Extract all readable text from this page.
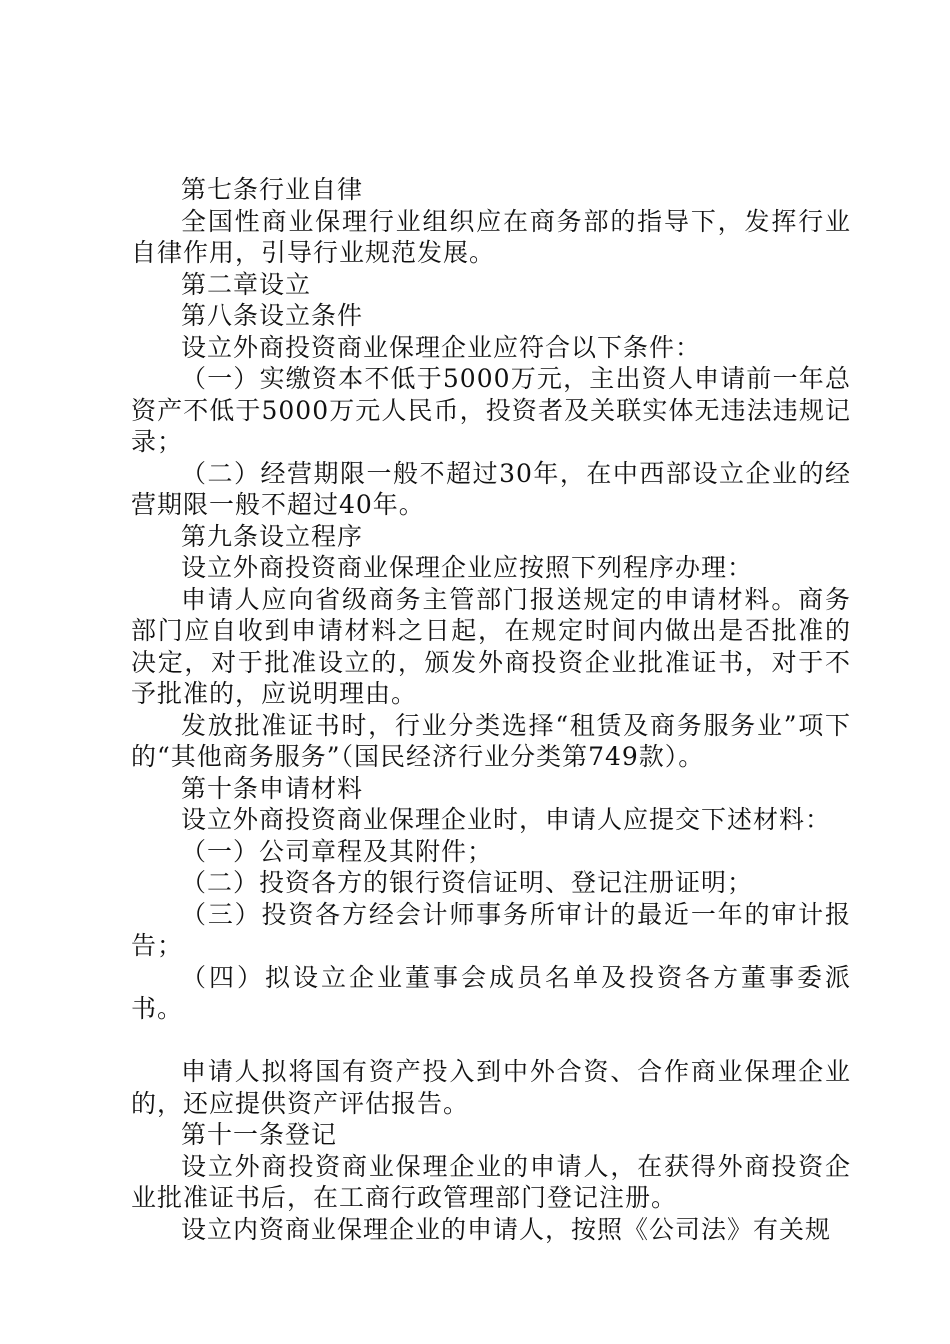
第七条行业自律

全国性商业保理行业组织应在商务部的指导下，发挥行业自律作用，引导行业规范发展。

第二章设立

第八条设立条件

设立外商投资商业保理企业应符合以下条件：

（一）实缴资本不低于5000万元，主出资人申请前一年总资产不低于5000万元人民币，投资者及关联实体无违法违规记录；

（二）经营期限一般不超过30年，在中西部设立企业的经营期限一般不超过40年。

第九条设立程序

设立外商投资商业保理企业应按照下列程序办理：

申请人应向省级商务主管部门报送规定的申请材料。商务部门应自收到申请材料之日起，在规定时间内做出是否批准的决定，对于批准设立的，颁发外商投资企业批准证书，对于不予批准的，应说明理由。

发放批准证书时，行业分类选择“租赁及商务服务业”项下的“其他商务服务”（国民经济行业分类第749款）。

第十条申请材料

设立外商投资商业保理企业时，申请人应提交下述材料：

（一）公司章程及其附件；

（二）投资各方的银行资信证明、登记注册证明；

（三）投资各方经会计师事务所审计的最近一年的审计报告；

（四）拟设立企业董事会成员名单及投资各方董事委派书。

申请人拟将国有资产投入到中外合资、合作商业保理企业的，还应提供资产评估报告。

第十一条登记

设立外商投资商业保理企业的申请人，在获得外商投资企业批准证书后，在工商行政管理部门登记注册。

设立内资商业保理企业的申请人，按照《公司法》有关规
